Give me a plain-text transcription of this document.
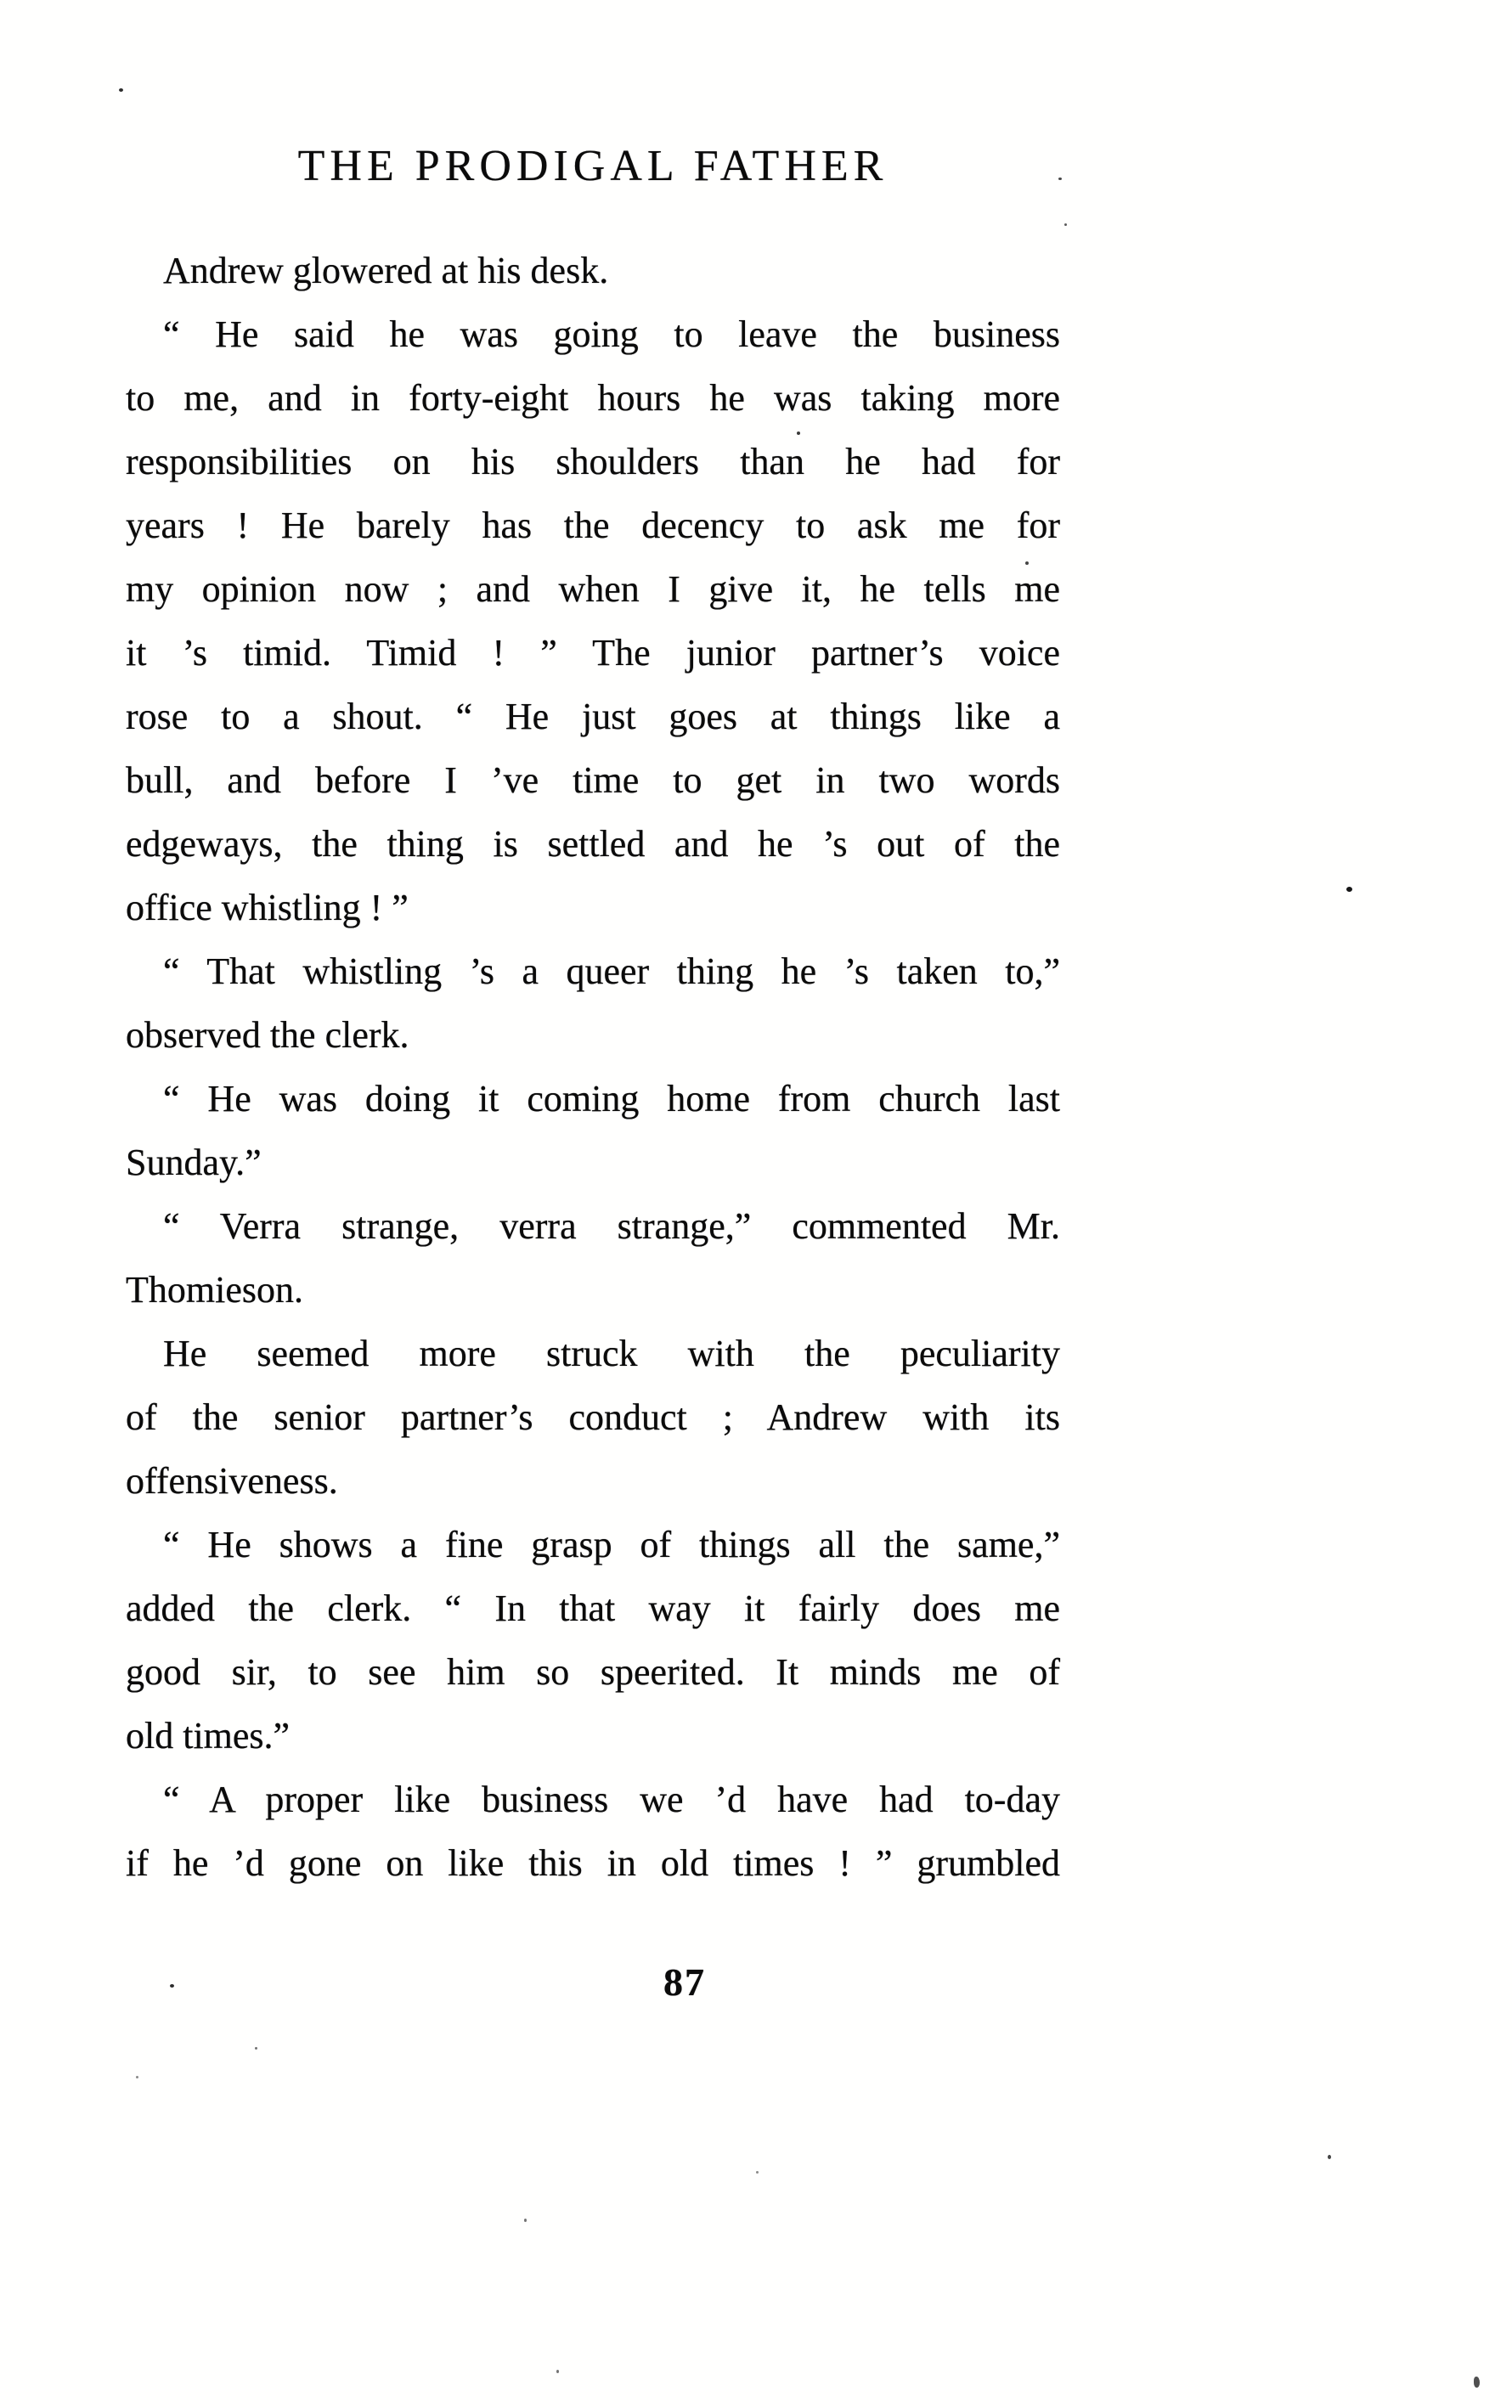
THE PRODIGAL FATHER

Andrew glowered at his desk.

“ He said he was going to leave the business
to me, and in forty-eight hours he was taking more
responsibilities on his shoulders than he had for
years ! He barely has the decency to ask me for
my opinion now ; and when I give it, he tells me
it ’s timid. Timid ! ” The junior partner’s voice
rose to a shout. “ He just goes at things like a
bull, and before I ’ve time to get in two words
edgeways, the thing is settled and he ’s out of the
office whistling ! ”

“ That whistling ’s a queer thing he ’s taken to,”
observed the clerk.

“ He was doing it coming home from church last
Sunday.”

“ Verra strange, verra strange,” commented Mr.
Thomieson.

He seemed more struck with the peculiarity
of the senior partner’s conduct ; Andrew with its
offensiveness.

“ He shows a fine grasp of things all the same,”
added the clerk. “ In that way it fairly does me
good sir, to see him so speerited. It minds me of
old times.”

“ A proper like business we ’d have had to-day
if he ’d gone on like this in old times ! ” grumbled

87
